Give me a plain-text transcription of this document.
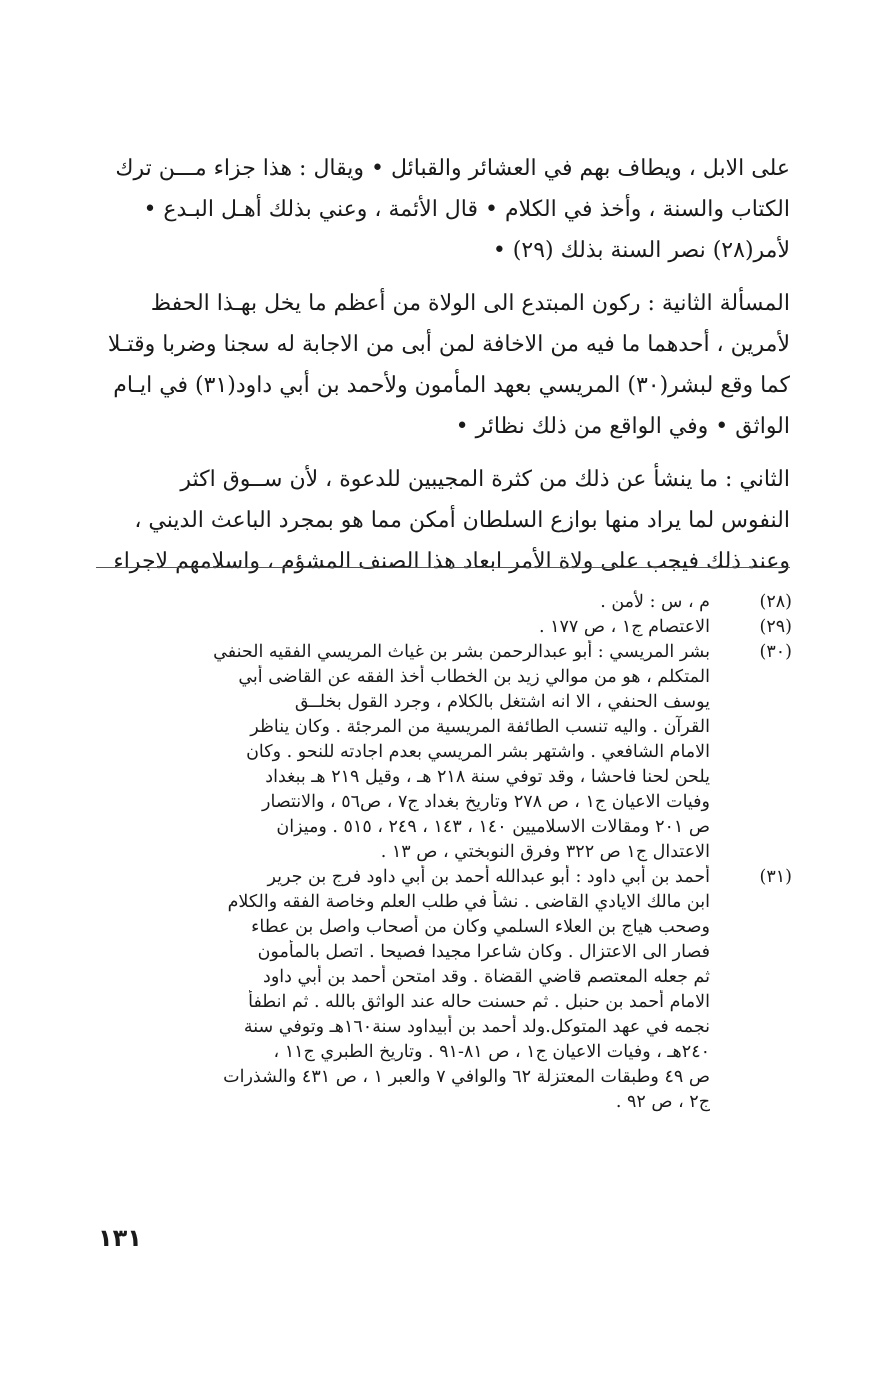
على الابل ، ويطاف بهم في العشائر والقبائل • ويقال : هذا جزاء مـــن ترك
الكتاب والسنة ، وأخذ في الكلام • قال الأئمة ، وعني بذلك أهـل البـدع •
لأمر(٢٨) نصر السنة بذلك (٢٩) •
المسألة الثانية : ركون المبتدع الى الولاة من أعظم ما يخل بهـذا الحفظ
لأمرين ، أحدهما ما فيه من الاخافة لمن أبى من الاجابة له سجنا وضربا وقتـلا
كما وقع لبشر(٣٠) المريسي بعهد المأمون ولأحمد بن أبي داود(٣١) في ايـام
الواثق • وفي الواقع من ذلك نظائر •
الثاني : ما ينشأ عن ذلك من كثرة المجيبين للدعوة ، لأن ســوق اكثر
النفوس لما يراد منها بوازع السلطان أمكن مما هو بمجرد الباعث الديني ،
وعند ذلك فيجب على ولاة الأمر ابعاد هذا الصنف المشؤم ، واسلامهم لاجراء
(٢٨)
م ، س : لأمن .
(٢٩)
الاعتصام ج١ ، ص ١٧٧ .
(٣٠)
بشر المريسي : أبو عبدالرحمن بشر بن غياث المريسي الفقيه الحنفي
المتكلم ، هو من موالي زيد بن الخطاب أخذ الفقه عن القاضى أبي
يوسف الحنفي ، الا انه اشتغل بالكلام ، وجرد القول بخلــق
القرآن . واليه تنسب الطائفة المريسية من المرجئة . وكان يناظر
الامام الشافعي . واشتهر بشر المريسي بعدم اجادته للنحو . وكان
يلحن لحنا فاحشا ، وقد توفي سنة ٢١٨ هـ ، وقيل ٢١٩ هـ ببغداد
وفيات الاعيان ج١ ، ص ٢٧٨ وتاريخ بغداد ج٧ ، ص٥٦ ، والانتصار
ص ٢٠١ ومقالات الاسلاميين ١٤٠ ، ١٤٣ ، ٢٤٩ ، ٥١٥ . وميزان
الاعتدال ج١ ص ٣٢٢ وفرق النوبختي ، ص ١٣ .
(٣١)
أحمد بن أبي داود : أبو عبدالله أحمد بن أبي داود فرج بن جرير
ابن مالك الايادي القاضى . نشأ في طلب العلم وخاصة الفقه والكلام
وصحب هياج بن العلاء السلمي وكان من أصحاب واصل بن عطاء
فصار الى الاعتزال . وكان شاعرا مجيدا فصيحا . اتصل بالمأمون
ثم جعله المعتصم قاضي القضاة . وقد امتحن أحمد بن أبي داود
الامام أحمد بن حنبل . ثم حسنت حاله عند الواثق بالله . ثم انطفأ
نجمه في عهد المتوكل.ولد أحمد بن أبيداود سنة١٦٠هـ وتوفي سنة
٢٤٠هـ ، وفيات الاعيان ج١ ، ص ٨١-٩١ . وتاريخ الطبري ج١١ ،
ص ٤٩ وطبقات المعتزلة ٦٢ والوافي ٧ والعبر ١ ، ص ٤٣١ والشذرات
ج٢ ، ص ٩٢ .
١٣١
